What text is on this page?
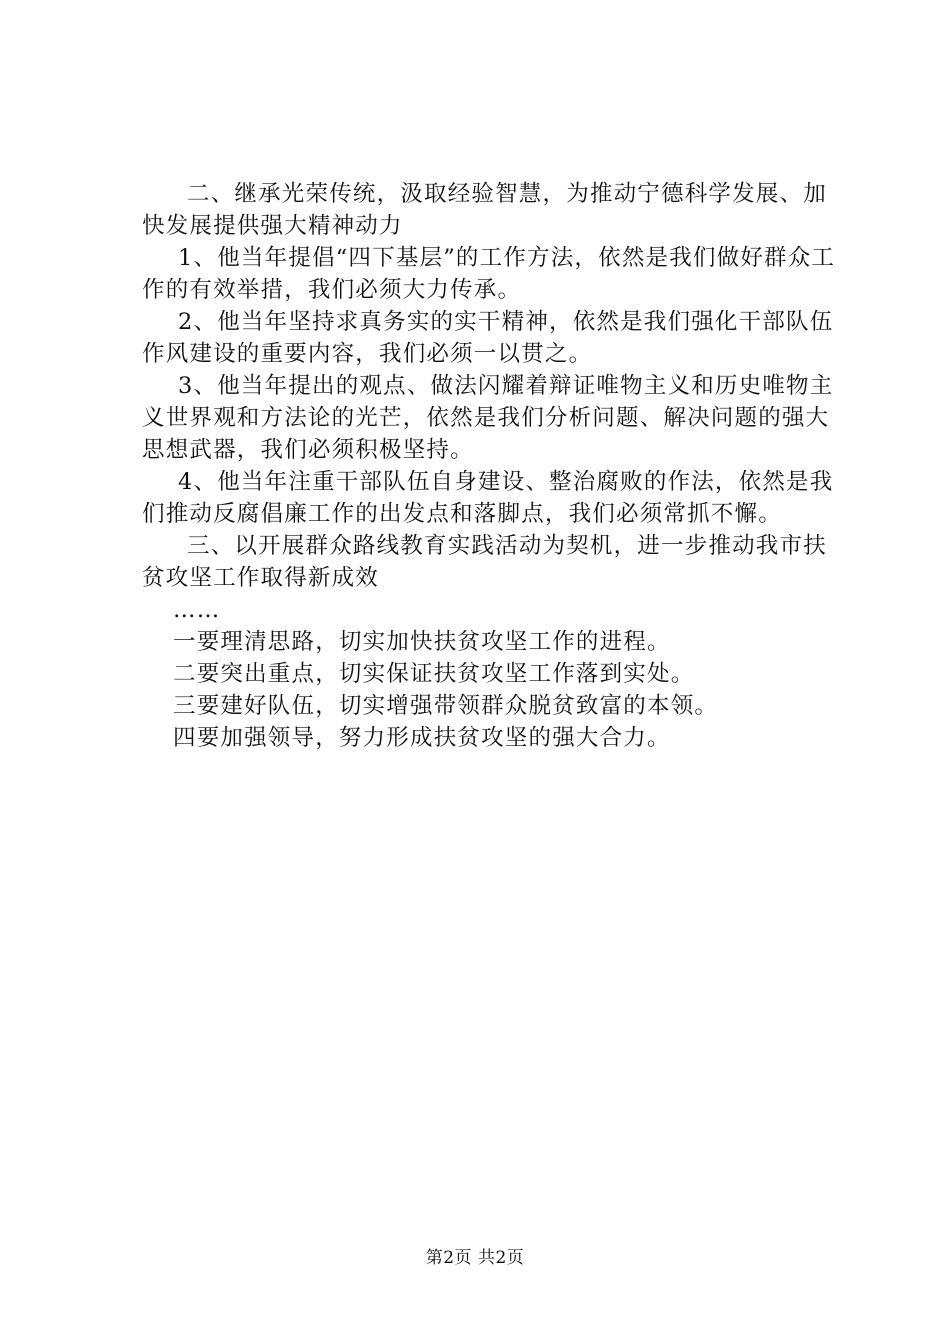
二、继承光荣传统，汲取经验智慧，为推动宁德科学发展、加快发展提供强大精神动力

1、他当年提倡“四下基层”的工作方法，依然是我们做好群众工作的有效举措，我们必须大力传承。

2、他当年坚持求真务实的实干精神，依然是我们强化干部队伍作风建设的重要内容，我们必须一以贯之。

3、他当年提出的观点、做法闪耀着辩证唯物主义和历史唯物主义世界观和方法论的光芒，依然是我们分析问题、解决问题的强大思想武器，我们必须积极坚持。

4、他当年注重干部队伍自身建设、整治腐败的作法，依然是我们推动反腐倡廉工作的出发点和落脚点，我们必须常抓不懈。

三、以开展群众路线教育实践活动为契机，进一步推动我市扶贫攻坚工作取得新成效

……

一要理清思路，切实加快扶贫攻坚工作的进程。

二要突出重点，切实保证扶贫攻坚工作落到实处。

三要建好队伍，切实增强带领群众脱贫致富的本领。

四要加强领导，努力形成扶贫攻坚的强大合力。

第2页 共2页
